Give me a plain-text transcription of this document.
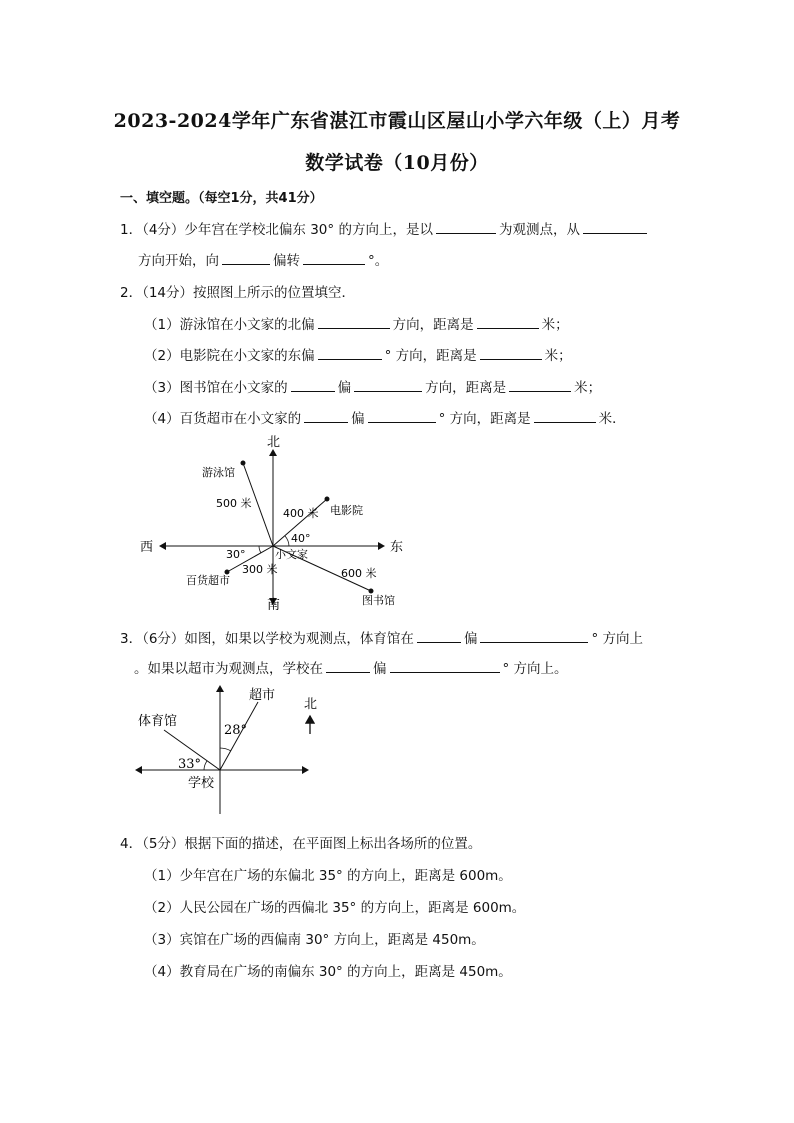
2023-2024学年广东省湛江市霞山区屋山小学六年级（上）月考
数学试卷（10月份）
一、填空题。（每空1分，共41分）
1．（4分）少年宫在学校北偏东 30° 的方向上，是以	为观测点，从
方向开始，向	偏转	°。
2．（14分）按照图上所示的位置填空．
（1）游泳馆在小文家的北偏	方向，距离是	米；
（2）电影院在小文家的东偏	° 方向，距离是	米；
（3）图书馆在小文家的	偏	方向，距离是	米；
（4）百货超市在小文家的	偏	° 方向，距离是	米．
北
南
西	东
小文家
游泳馆
500 米
电影院
400 米
40°
图书馆
600 米
百货超市
300 米
30°
3．（6分）如图，如果以学校为观测点，体育馆在	偏	° 方向上
。如果以超市为观测点，学校在	偏	° 方向上。
超市
体育馆
学校
北
28°
33°
4．（5分）根据下面的描述，在平面图上标出各场所的位置。
（1）少年宫在广场的东偏北 35° 的方向上，距离是 600m。
（2）人民公园在广场的西偏北 35° 的方向上，距离是 600m。
（3）宾馆在广场的西偏南 30° 方向上，距离是 450m。
（4）教育局在广场的南偏东 30° 的方向上，距离是 450m。
